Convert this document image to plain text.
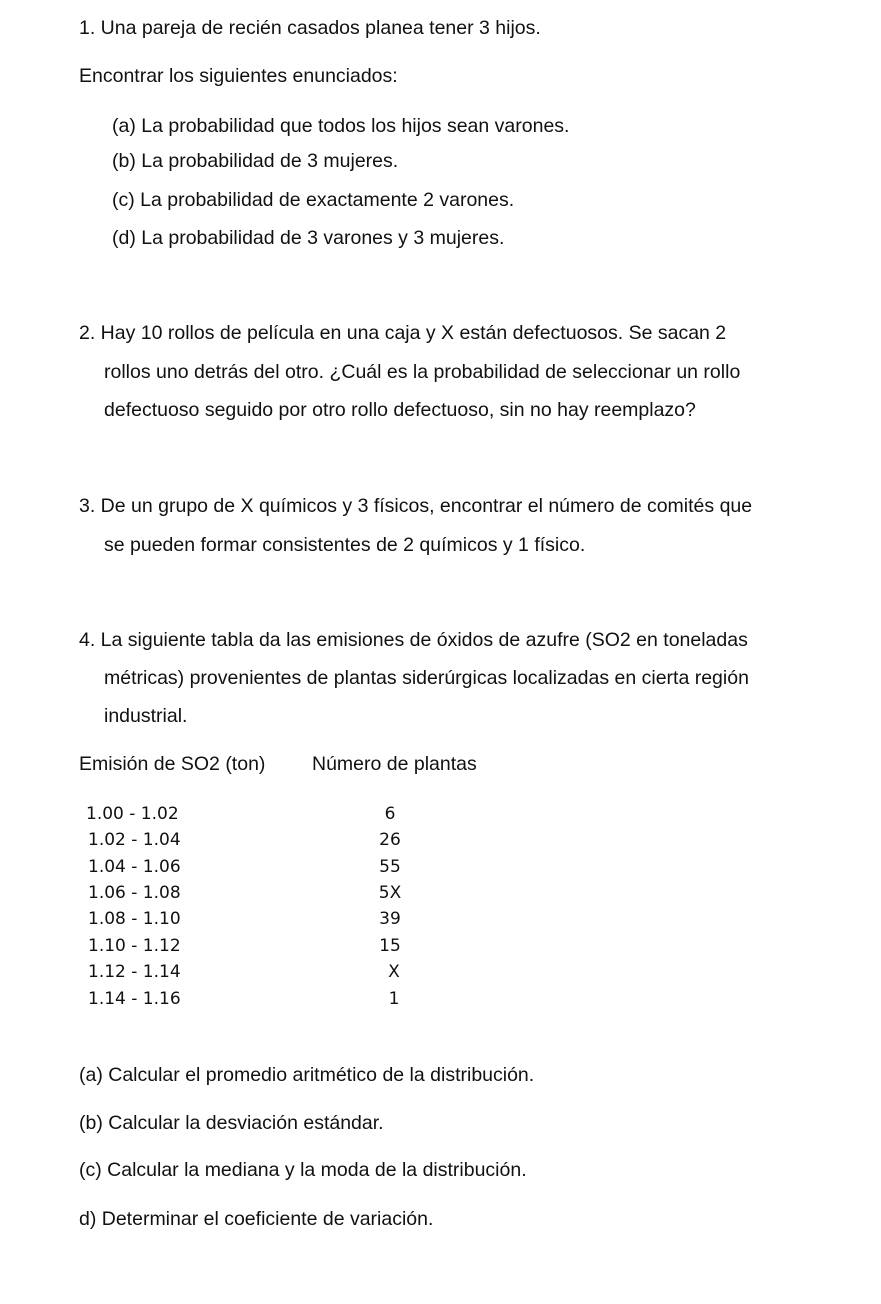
1. Una pareja de recién casados planea tener 3 hijos.
Encontrar los siguientes enunciados:
(a) La probabilidad que todos los hijos sean varones.
(b) La probabilidad de 3 mujeres.
(c) La probabilidad de exactamente 2 varones.
(d) La probabilidad de 3 varones y 3 mujeres.
2. Hay 10 rollos de película en una caja y X están defectuosos. Se sacan 2
rollos uno detrás del otro. ¿Cuál es la probabilidad de seleccionar un rollo
defectuoso seguido por otro rollo defectuoso, sin no hay reemplazo?
3. De un grupo de X químicos y 3 físicos, encontrar el número de comités que
se pueden formar consistentes de 2 químicos y 1 físico.
4. La siguiente tabla da las emisiones de óxidos de azufre (SO2 en toneladas
métricas) provenientes de plantas siderúrgicas localizadas en cierta región
industrial.
Emisión de SO2 (ton) Número de plantas
1.00 - 1.02	6
1.02 - 1.04	26
1.04 - 1.06	55
1.06 - 1.08	5X
1.08 - 1.10	39
1.10 - 1.12	15
1.12 - 1.14	X
1.14 - 1.16	1
(a) Calcular el promedio aritmético de la distribución.
(b) Calcular la desviación estándar.
(c) Calcular la mediana y la moda de la distribución.
d) Determinar el coeficiente de variación.
